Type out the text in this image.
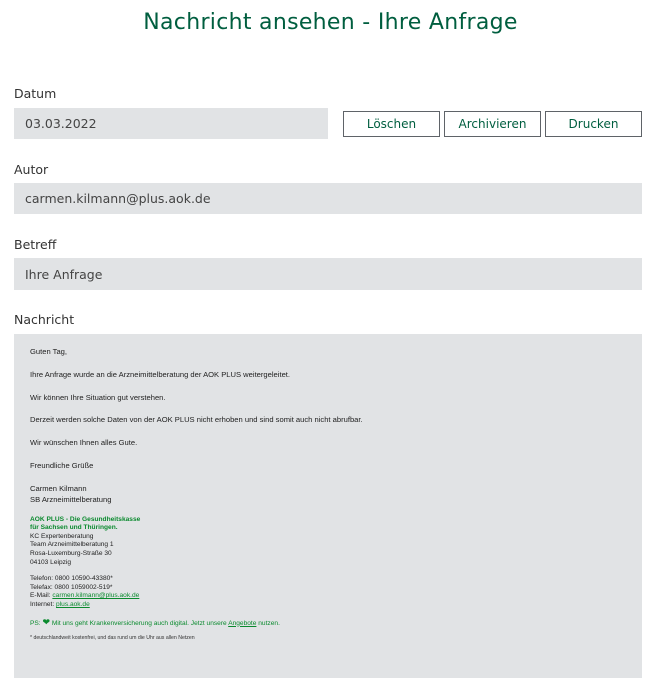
Nachricht ansehen - Ihre Anfrage
Datum
03.03.2022	Löschen	Archivieren	Drucken
Autor
carmen.kilmann@plus.aok.de
Betreff
Ihre Anfrage
Nachricht

Guten Tag,

Ihre Anfrage wurde an die Arzneimittelberatung der AOK PLUS weitergeleitet.

Wir können Ihre Situation gut verstehen.

Derzeit werden solche Daten von der AOK PLUS nicht erhoben und sind somit auch nicht abrufbar.

Wir wünschen Ihnen alles Gute.

Freundliche Grüße

Carmen Kilmann

SB Arzneimittelberatung

AOK PLUS - Die Gesundheitskasse
für Sachsen und Thüringen.
KC Expertenberatung
Team Arzneimittelberatung 1
Rosa-Luxemburg-Straße 30
04103 Leipzig
Telefon: 0800 10590-43380*
Telefax: 0800 1059002-519*
E-Mail: carmen.kilmann@plus.aok.de
Internet: plus.aok.de
PS: ❤ Mit uns geht Krankenversicherung auch digital. Jetzt unsere Angebote nutzen.
* deutschlandweit kostenfrei, und das rund um die Uhr aus allen Netzen
